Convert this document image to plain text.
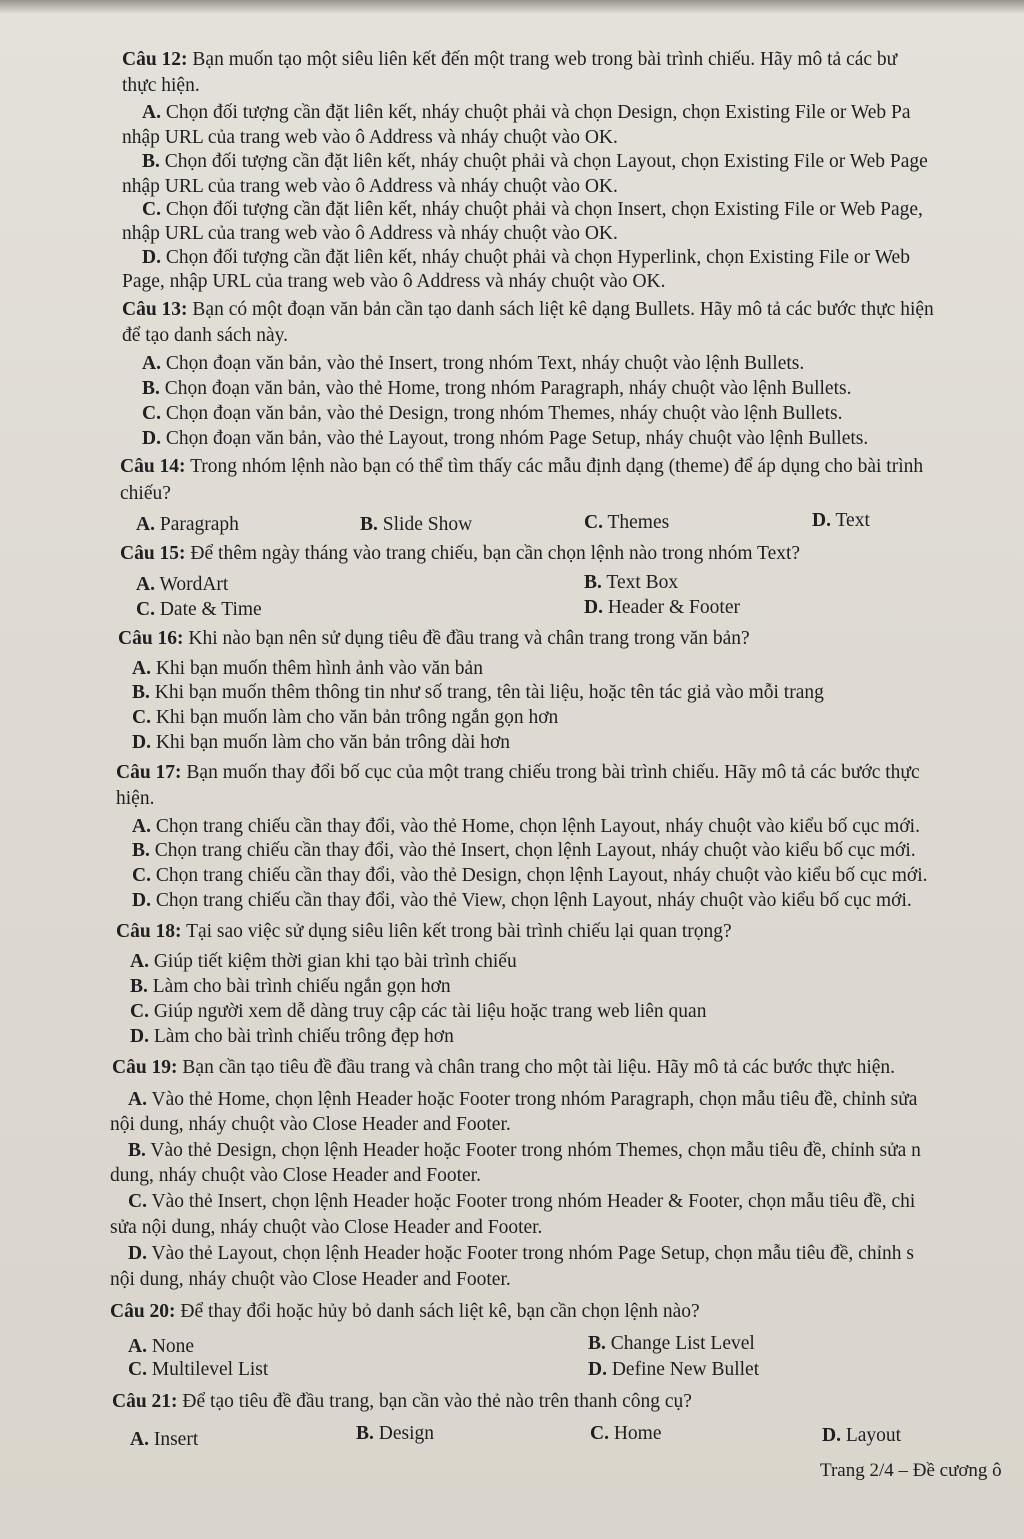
Câu 12: Bạn muốn tạo một siêu liên kết đến một trang web trong bài trình chiếu. Hãy mô tả các bư
thực hiện.
A. Chọn đối tượng cần đặt liên kết, nháy chuột phải và chọn Design, chọn Existing File or Web Pa
nhập URL của trang web vào ô Address và nháy chuột vào OK.
B. Chọn đối tượng cần đặt liên kết, nháy chuột phải và chọn Layout, chọn Existing File or Web Page
nhập URL của trang web vào ô Address và nháy chuột vào OK.
C. Chọn đối tượng cần đặt liên kết, nháy chuột phải và chọn Insert, chọn Existing File or Web Page,
nhập URL của trang web vào ô Address và nháy chuột vào OK.
D. Chọn đối tượng cần đặt liên kết, nháy chuột phải và chọn Hyperlink, chọn Existing File or Web
Page, nhập URL của trang web vào ô Address và nháy chuột vào OK.
Câu 13: Bạn có một đoạn văn bản cần tạo danh sách liệt kê dạng Bullets. Hãy mô tả các bước thực hiện
để tạo danh sách này.
A. Chọn đoạn văn bản, vào thẻ Insert, trong nhóm Text, nháy chuột vào lệnh Bullets.
B. Chọn đoạn văn bản, vào thẻ Home, trong nhóm Paragraph, nháy chuột vào lệnh Bullets.
C. Chọn đoạn văn bản, vào thẻ Design, trong nhóm Themes, nháy chuột vào lệnh Bullets.
D. Chọn đoạn văn bản, vào thẻ Layout, trong nhóm Page Setup, nháy chuột vào lệnh Bullets.
Câu 14: Trong nhóm lệnh nào bạn có thể tìm thấy các mẫu định dạng (theme) để áp dụng cho bài trình
chiếu?
A. Paragraph	B. Slide Show	C. Themes	D. Text
Câu 15: Để thêm ngày tháng vào trang chiếu, bạn cần chọn lệnh nào trong nhóm Text?
A. WordArt	B. Text Box
C. Date & Time	D. Header & Footer
Câu 16: Khi nào bạn nên sử dụng tiêu đề đầu trang và chân trang trong văn bản?
A. Khi bạn muốn thêm hình ảnh vào văn bản
B. Khi bạn muốn thêm thông tin như số trang, tên tài liệu, hoặc tên tác giả vào mỗi trang
C. Khi bạn muốn làm cho văn bản trông ngắn gọn hơn
D. Khi bạn muốn làm cho văn bản trông dài hơn
Câu 17: Bạn muốn thay đổi bố cục của một trang chiếu trong bài trình chiếu. Hãy mô tả các bước thực
hiện.
A. Chọn trang chiếu cần thay đổi, vào thẻ Home, chọn lệnh Layout, nháy chuột vào kiểu bố cục mới.
B. Chọn trang chiếu cần thay đổi, vào thẻ Insert, chọn lệnh Layout, nháy chuột vào kiểu bố cục mới.
C. Chọn trang chiếu cần thay đổi, vào thẻ Design, chọn lệnh Layout, nháy chuột vào kiểu bố cục mới.
D. Chọn trang chiếu cần thay đổi, vào thẻ View, chọn lệnh Layout, nháy chuột vào kiểu bố cục mới.
Câu 18: Tại sao việc sử dụng siêu liên kết trong bài trình chiếu lại quan trọng?
A. Giúp tiết kiệm thời gian khi tạo bài trình chiếu
B. Làm cho bài trình chiếu ngắn gọn hơn
C. Giúp người xem dễ dàng truy cập các tài liệu hoặc trang web liên quan
D. Làm cho bài trình chiếu trông đẹp hơn
Câu 19: Bạn cần tạo tiêu đề đầu trang và chân trang cho một tài liệu. Hãy mô tả các bước thực hiện.
A. Vào thẻ Home, chọn lệnh Header hoặc Footer trong nhóm Paragraph, chọn mẫu tiêu đề, chỉnh sửa
nội dung, nháy chuột vào Close Header and Footer.
B. Vào thẻ Design, chọn lệnh Header hoặc Footer trong nhóm Themes, chọn mẫu tiêu đề, chỉnh sửa n
dung, nháy chuột vào Close Header and Footer.
C. Vào thẻ Insert, chọn lệnh Header hoặc Footer trong nhóm Header & Footer, chọn mẫu tiêu đề, chi
sửa nội dung, nháy chuột vào Close Header and Footer.
D. Vào thẻ Layout, chọn lệnh Header hoặc Footer trong nhóm Page Setup, chọn mẫu tiêu đề, chỉnh s
nội dung, nháy chuột vào Close Header and Footer.
Câu 20: Để thay đổi hoặc hủy bỏ danh sách liệt kê, bạn cần chọn lệnh nào?
A. None	B. Change List Level
C. Multilevel List	D. Define New Bullet
Câu 21: Để tạo tiêu đề đầu trang, bạn cần vào thẻ nào trên thanh công cụ?
A. Insert	B. Design	C. Home	D. Layout
Trang 2/4 – Đề cương ô
